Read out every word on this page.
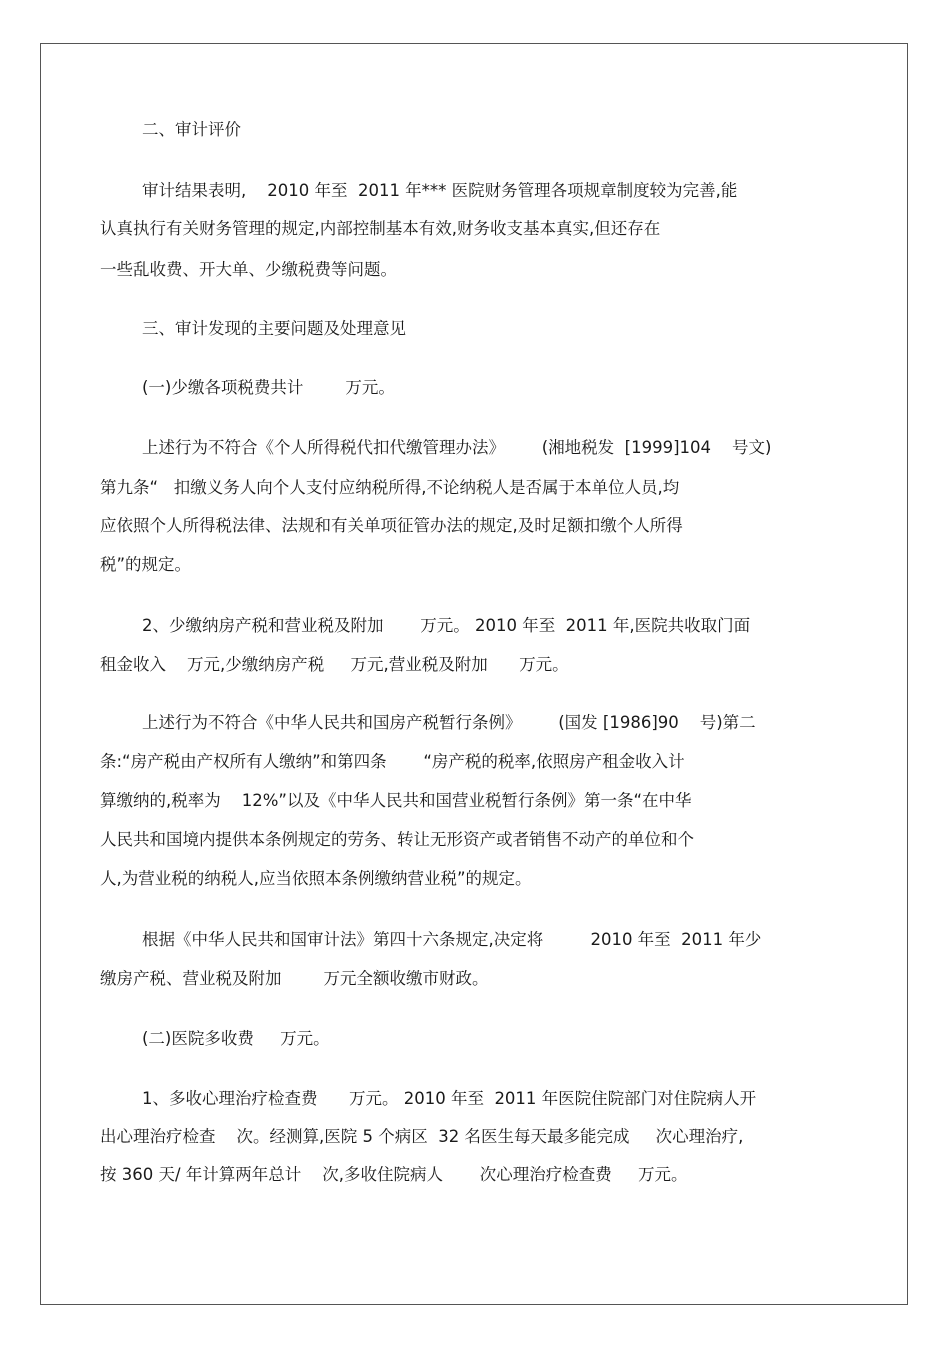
二、审计评价
审计结果表明,    2010 年至  2011 年*** 医院财务管理各项规章制度较为完善,能
认真执行有关财务管理的规定,内部控制基本有效,财务收支基本真实,但还存在
一些乱收费、开大单、少缴税费等问题。
三、审计发现的主要问题及处理意见
(一)少缴各项税费共计        万元。
上述行为不符合《个人所得税代扣代缴管理办法》       (湘地税发  [1999]104    号文)
第九条“   扣缴义务人向个人支付应纳税所得,不论纳税人是否属于本单位人员,均
应依照个人所得税法律、法规和有关单项征管办法的规定,及时足额扣缴个人所得
税”的规定。
2、少缴纳房产税和营业税及附加       万元。 2010 年至  2011 年,医院共收取门面
租金收入    万元,少缴纳房产税     万元,营业税及附加      万元。
上述行为不符合《中华人民共和国房产税暂行条例》       (国发 [1986]90    号)第二
条:“房产税由产权所有人缴纳”和第四条       “房产税的税率,依照房产租金收入计
算缴纳的,税率为    12%”以及《中华人民共和国营业税暂行条例》第一条“在中华
人民共和国境内提供本条例规定的劳务、转让无形资产或者销售不动产的单位和个
人,为营业税的纳税人,应当依照本条例缴纳营业税”的规定。
根据《中华人民共和国审计法》第四十六条规定,决定将         2010 年至  2011 年少
缴房产税、营业税及附加        万元全额收缴市财政。
(二)医院多收费     万元。
1、多收心理治疗检查费      万元。 2010 年至  2011 年医院住院部门对住院病人开
出心理治疗检查    次。经测算,医院 5 个病区  32 名医生每天最多能完成     次心理治疗,
按 360 天/ 年计算两年总计    次,多收住院病人       次心理治疗检查费     万元。
